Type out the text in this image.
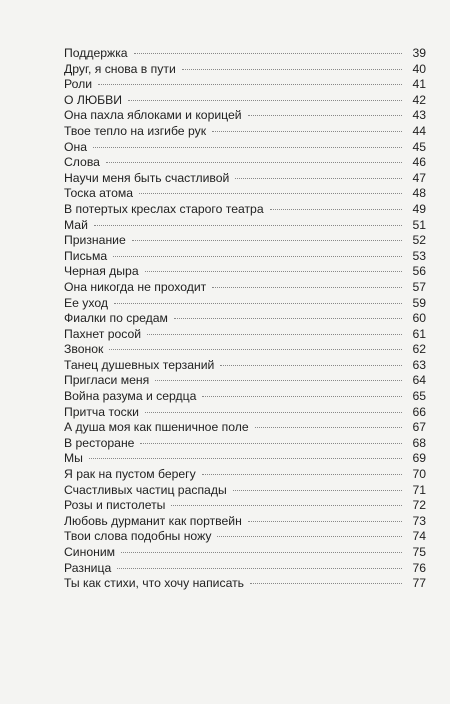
Поддержка	39
Друг, я снова в пути	40
Роли	41
О ЛЮБВИ	42
Она пахла яблоками и корицей	43
Твое тепло на изгибе рук	44
Она	45
Слова	46
Научи меня быть счастливой	47
Тоска атома	48
В потертых креслах старого театра	49
Май	51
Признание	52
Письма	53
Черная дыра	56
Она никогда не проходит	57
Ее уход	59
Фиалки по средам	60
Пахнет росой	61
Звонок	62
Танец душевных терзаний	63
Пригласи меня	64
Война разума и сердца	65
Притча тоски	66
А душа моя как пшеничное поле	67
В ресторане	68
Мы	69
Я рак на пустом берегу	70
Счастливых частиц распады	71
Розы и пистолеты	72
Любовь дурманит как портвейн	73
Твои слова подобны ножу	74
Синоним	75
Разница	76
Ты как стихи, что хочу написать	77
